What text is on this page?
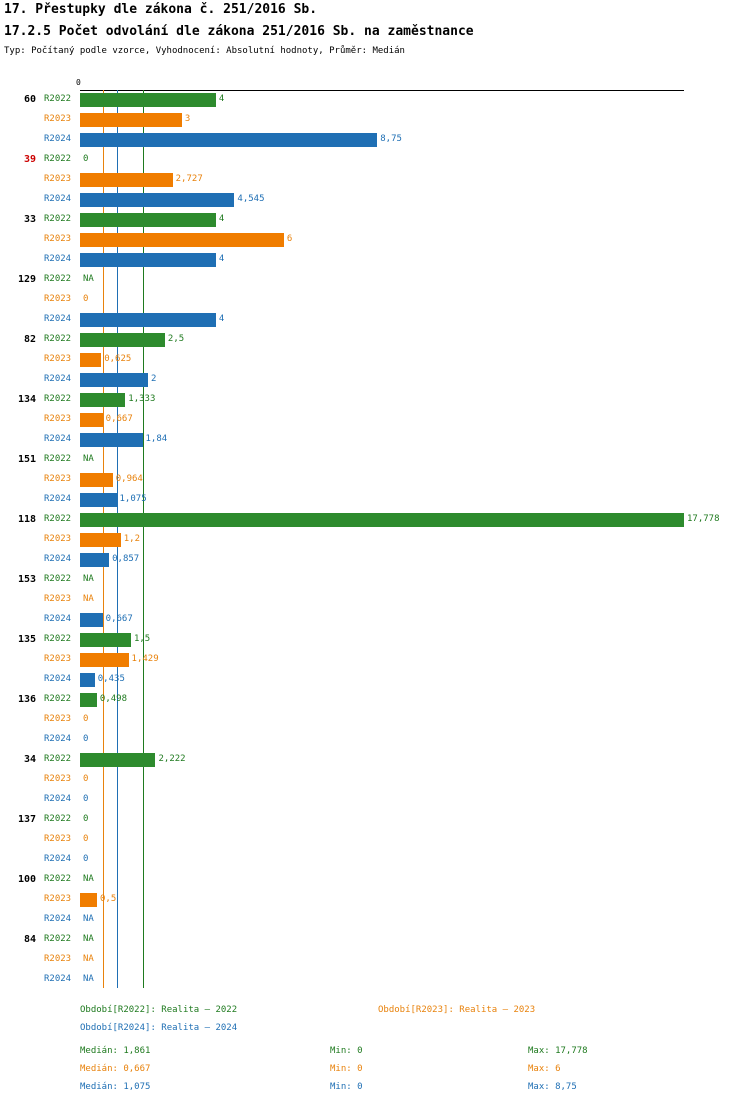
17. Přestupky dle zákona č. 251/2016 Sb.
17.2.5 Počet odvolání dle zákona 251/2016 Sb. na zaměstnance
Typ: Počítaný podle vzorce, Vyhodnocení: Absolutní hodnoty, Průměr: Medián
0
60 R2022	4
R2023	3
R2024	8,75
39 R2022 0
R2023	2,727
R2024	4,545
33 R2022	4
R2023	6
R2024	4
129 R2022 NA
R2023 0
R2024	4
82 R2022	2,5
R2023	0,625
R2024	2
134 R2022	1,333
R2023	0,667
R2024	1,84
151 R2022 NA
R2023	0,964
R2024	1,075
118 R2022	17,778
R2023	1,2
R2024	0,857
153 R2022 NA
R2023 NA
R2024	0,667
135 R2022	1,5
R2023	1,429
R2024	0,435
136 R2022	0,498
R2023 0
R2024 0
34 R2022	2,222
R2023 0
R2024 0
137 R2022 0
R2023 0
R2024 0
100 R2022 NA
R2023	0,5
R2024 NA
84 R2022 NA
R2023 NA
R2024 NA
Období[R2022]: Realita – 2022	Období[R2023]: Realita – 2023
Období[R2024]: Realita – 2024
Medián: 1,861	Min: 0	Max: 17,778
Medián: 0,667	Min: 0	Max: 6
Medián: 1,075	Min: 0	Max: 8,75
